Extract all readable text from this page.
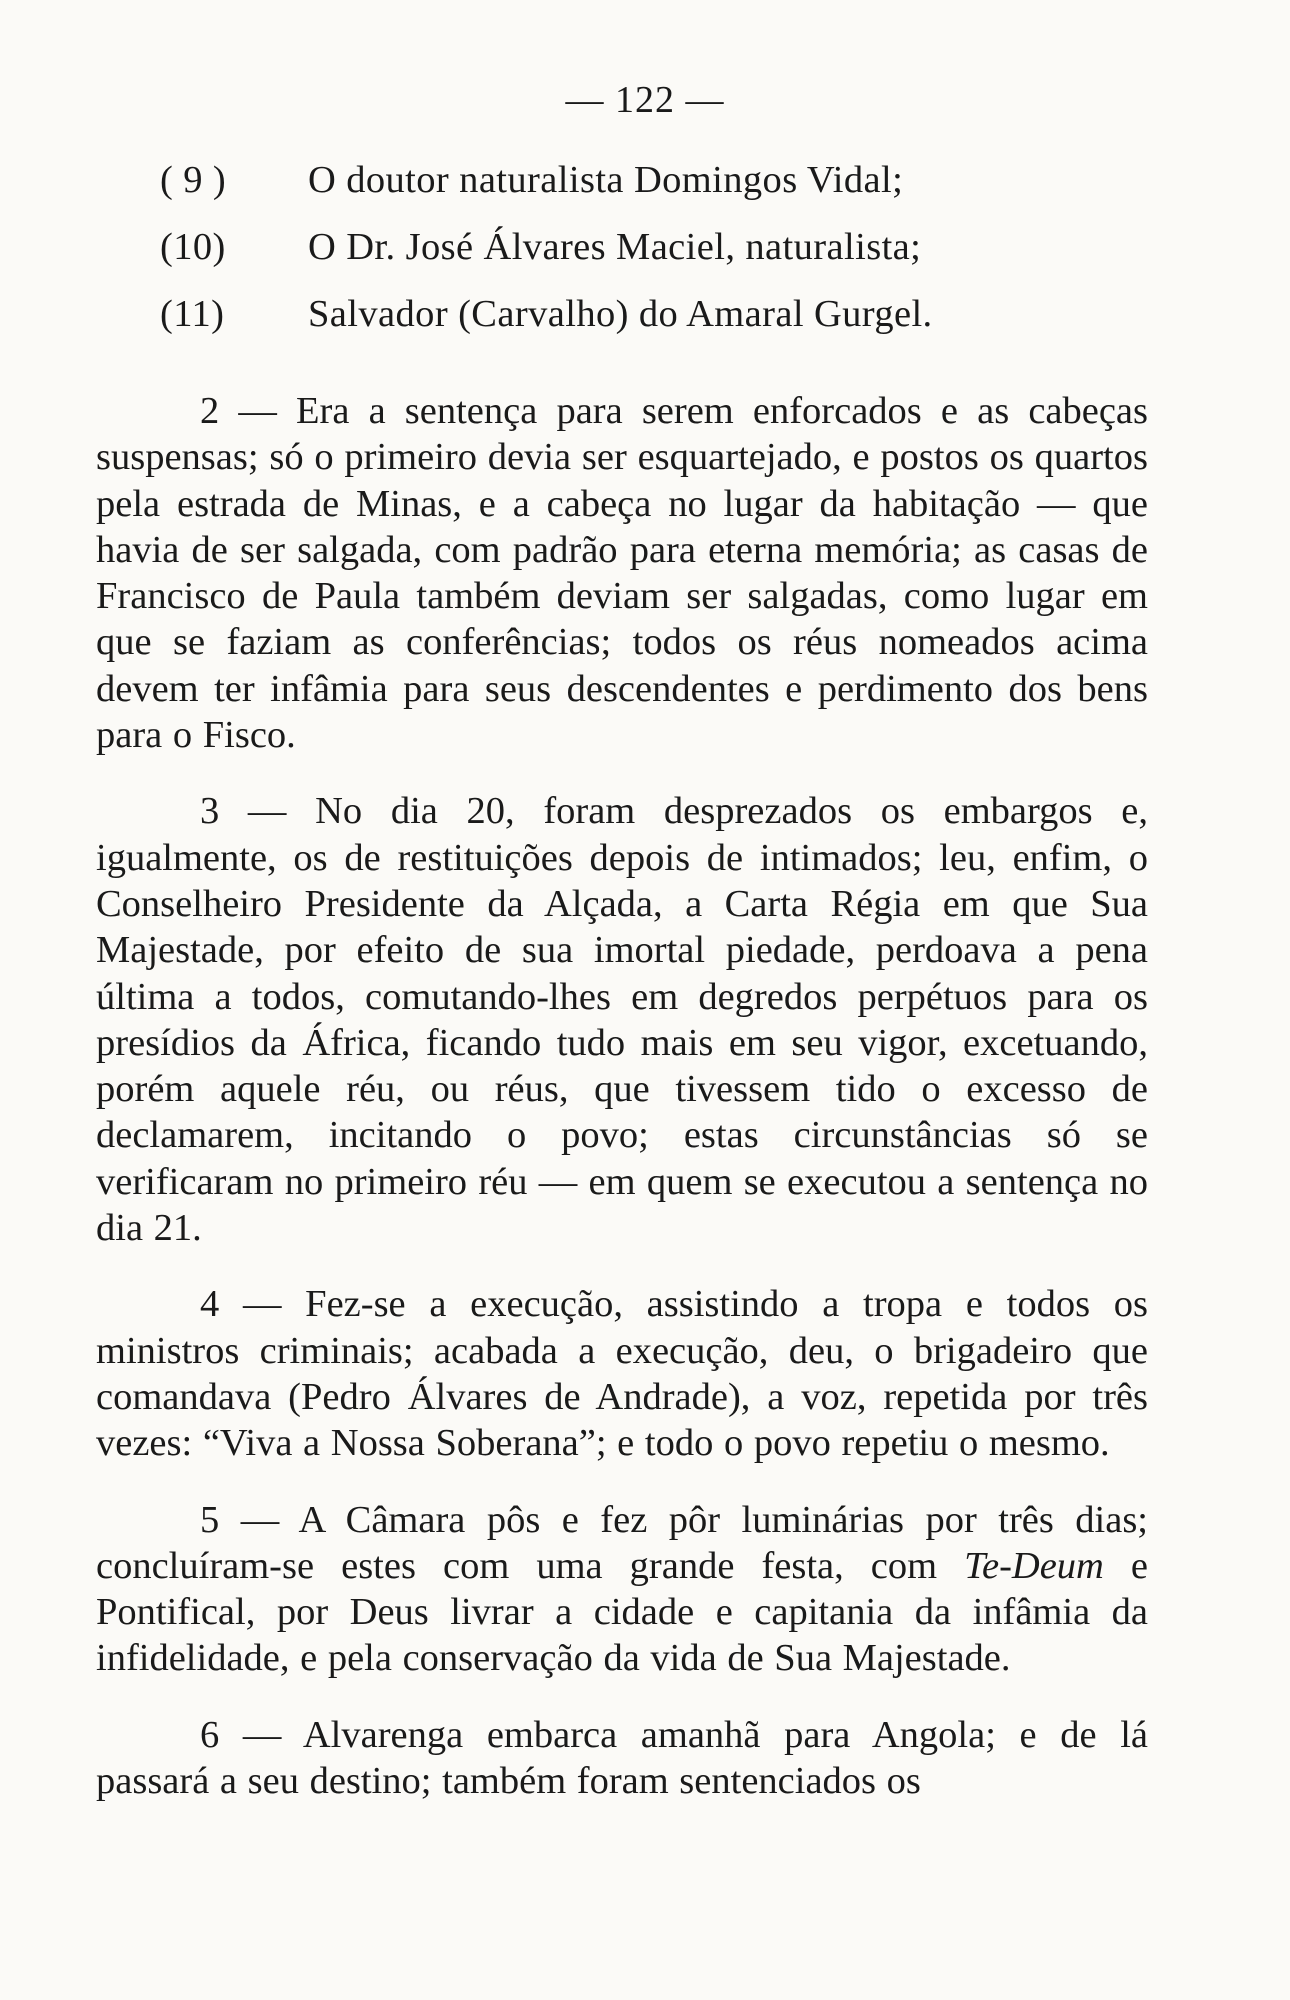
— 122 —
( 9 )	O doutor naturalista Domingos Vidal;
(10)	O Dr. José Álvares Maciel, naturalista;
(11)	Salvador (Carvalho) do Amaral Gurgel.

2 — Era a sentença para serem enforcados e as cabeças suspensas; só o primeiro devia ser esquartejado, e postos os quartos pela estrada de Minas, e a cabeça no lugar da habitação — que havia de ser salgada, com padrão para eterna memória; as casas de Francisco de Paula também deviam ser salgadas, como lugar em que se faziam as conferências; todos os réus nomeados acima devem ter infâmia para seus descendentes e perdimento dos bens para o Fisco.

3 — No dia 20, foram desprezados os embargos e, igualmente, os de restituições depois de intimados; leu, enfim, o Conselheiro Presidente da Alçada, a Carta Régia em que Sua Majestade, por efeito de sua imortal piedade, perdoava a pena última a todos, comutando-lhes em degredos perpétuos para os presídios da África, ficando tudo mais em seu vigor, excetuando, porém aquele réu, ou réus, que tivessem tido o excesso de declamarem, incitando o povo; estas circunstâncias só se verificaram no primeiro réu — em quem se executou a sentença no dia 21.

4 — Fez-se a execução, assistindo a tropa e todos os ministros criminais; acabada a execução, deu, o brigadeiro que comandava (Pedro Álvares de Andrade), a voz, repetida por três vezes: “Viva a Nossa Soberana”; e todo o povo repetiu o mesmo.

5 — A Câmara pôs e fez pôr luminárias por três dias; concluíram-se estes com uma grande festa, com Te-Deum e Pontifical, por Deus livrar a cidade e capitania da infâmia da infidelidade, e pela conservação da vida de Sua Majestade.

6 — Alvarenga embarca amanhã para Angola; e de lá passará a seu destino; também foram sentenciados os
